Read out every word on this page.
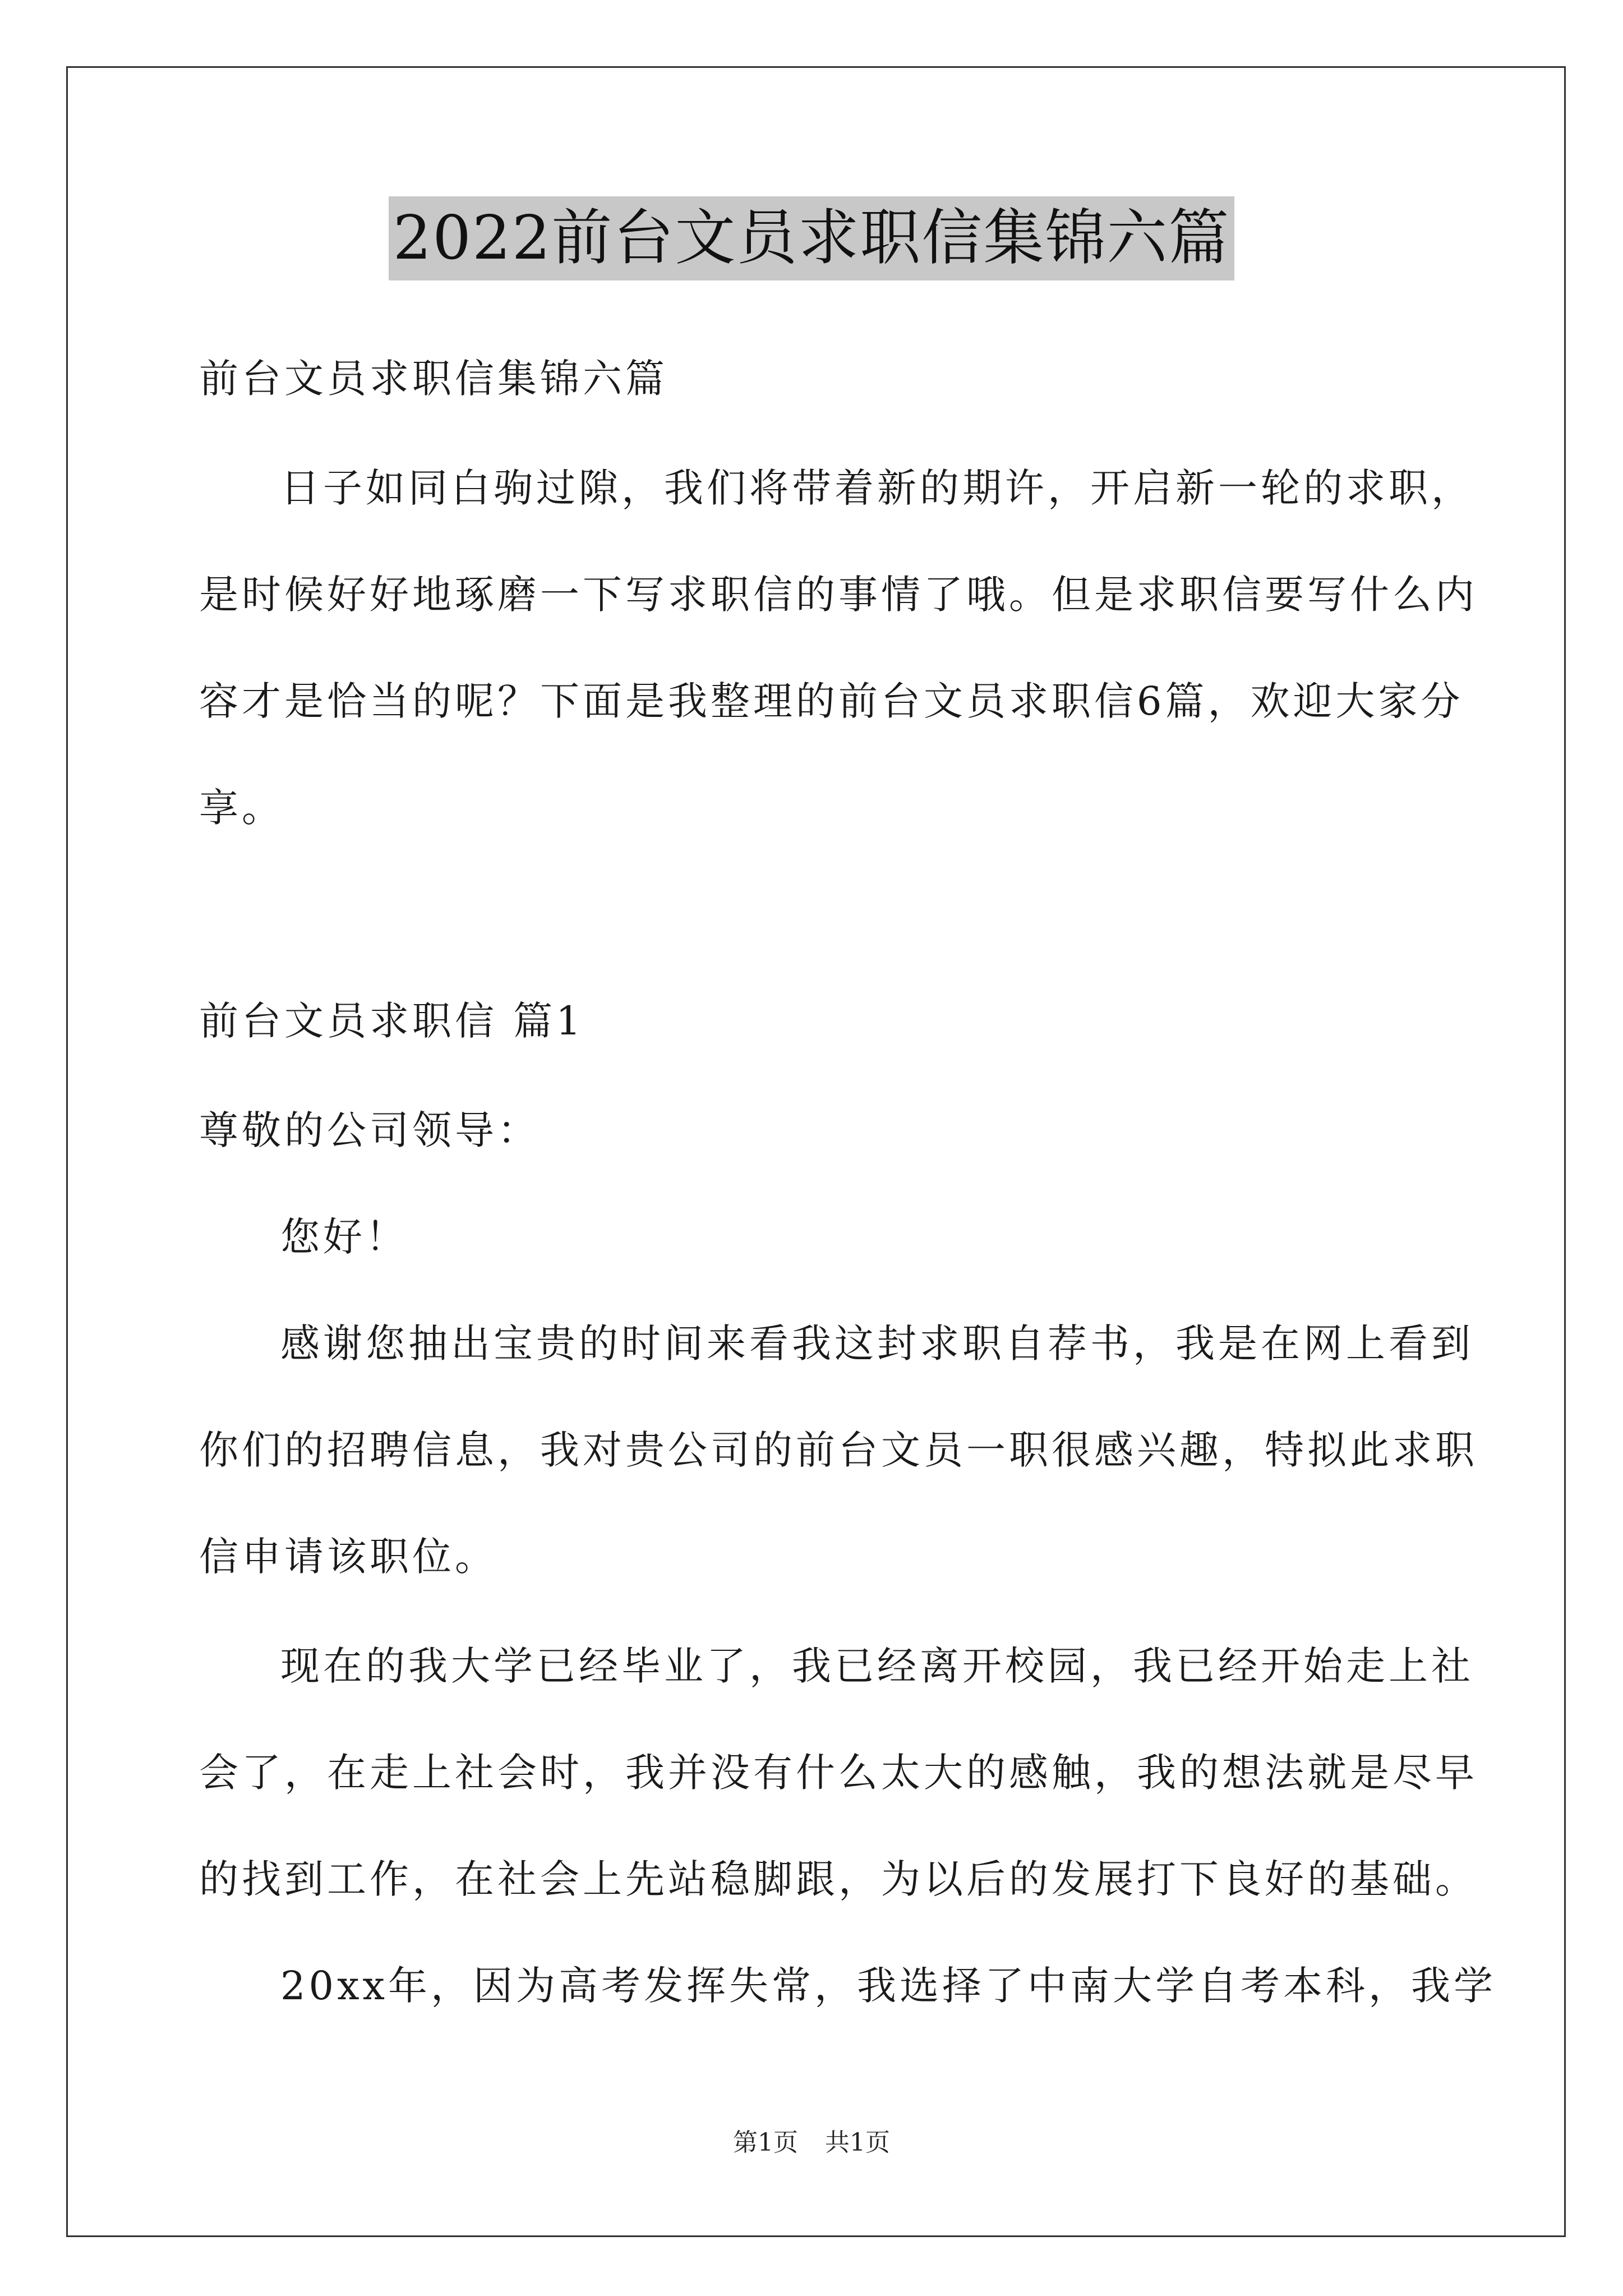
2022前台文员求职信集锦六篇
前台文员求职信集锦六篇
日子如同白驹过隙，我们将带着新的期许，开启新一轮的求职，
是时候好好地琢磨一下写求职信的事情了哦。但是求职信要写什么内
容才是恰当的呢？下面是我整理的前台文员求职信6篇，欢迎大家分
享。
前台文员求职信 篇1
尊敬的公司领导：
您好！
感谢您抽出宝贵的时间来看我这封求职自荐书，我是在网上看到
你们的招聘信息，我对贵公司的前台文员一职很感兴趣，特拟此求职
信申请该职位。
现在的我大学已经毕业了，我已经离开校园，我已经开始走上社
会了，在走上社会时，我并没有什么太大的感触，我的想法就是尽早
的找到工作，在社会上先站稳脚跟，为以后的发展打下良好的基础。
20xx年，因为高考发挥失常，我选择了中南大学自考本科，我学
第1页 共1页
